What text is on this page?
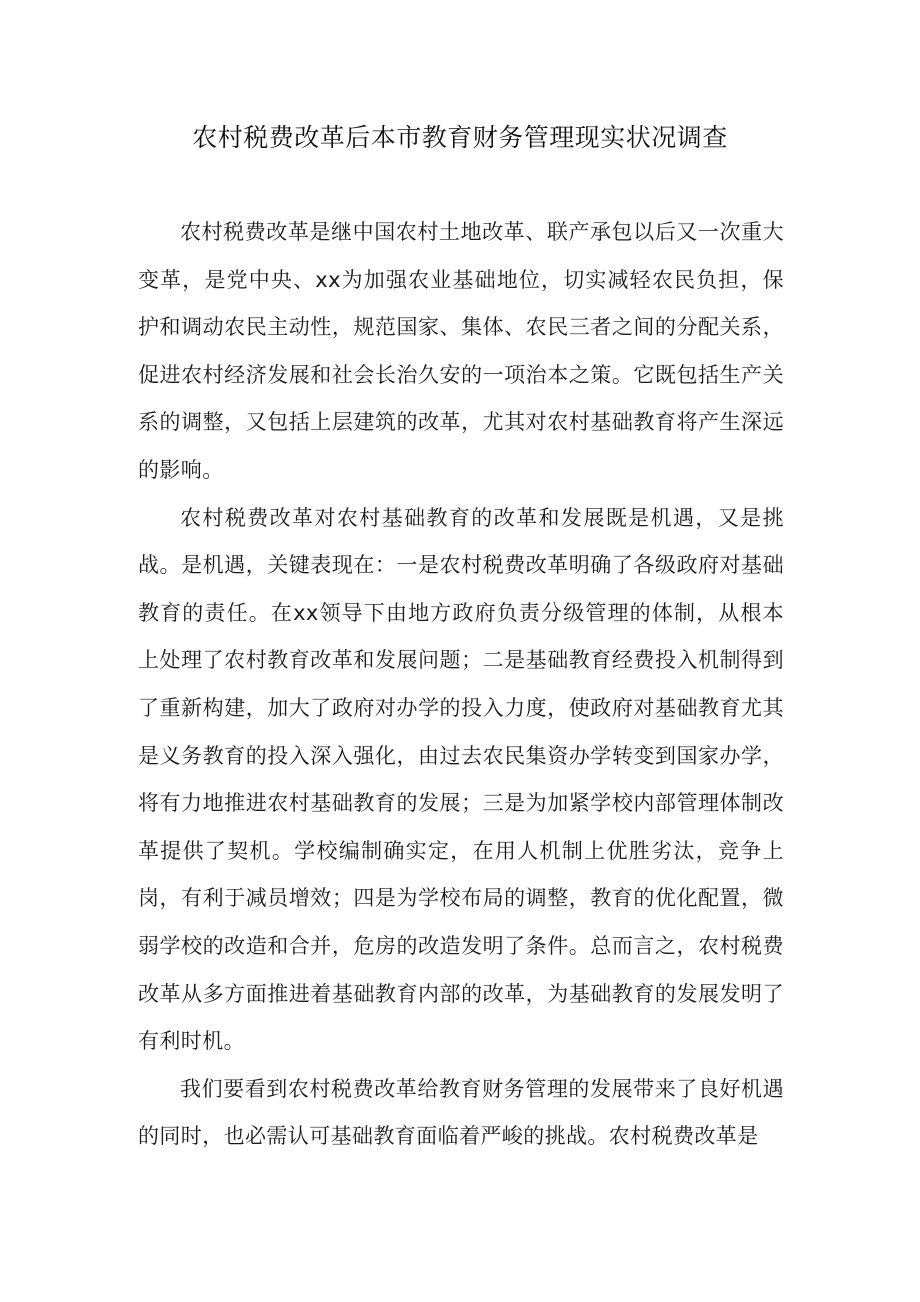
农村税费改革后本市教育财务管理现实状况调查

农村税费改革是继中国农村土地改革、联产承包以后又一次重大变革，是党中央、xx为加强农业基础地位，切实减轻农民负担，保护和调动农民主动性，规范国家、集体、农民三者之间的分配关系，促进农村经济发展和社会长治久安的一项治本之策。它既包括生产关系的调整，又包括上层建筑的改革，尤其对农村基础教育将产生深远的影响。

农村税费改革对农村基础教育的改革和发展既是机遇，又是挑战。是机遇，关键表现在：一是农村税费改革明确了各级政府对基础教育的责任。在xx领导下由地方政府负责分级管理的体制，从根本上处理了农村教育改革和发展问题；二是基础教育经费投入机制得到了重新构建，加大了政府对办学的投入力度，使政府对基础教育尤其是义务教育的投入深入强化，由过去农民集资办学转变到国家办学，将有力地推进农村基础教育的发展；三是为加紧学校内部管理体制改革提供了契机。学校编制确实定，在用人机制上优胜劣汰，竞争上岗，有利于减员增效；四是为学校布局的调整，教育的优化配置，微弱学校的改造和合并，危房的改造发明了条件。总而言之，农村税费改革从多方面推进着基础教育内部的改革，为基础教育的发展发明了有利时机。

我们要看到农村税费改革给教育财务管理的发展带来了良好机遇的同时，也必需认可基础教育面临着严峻的挑战。农村税费改革是
